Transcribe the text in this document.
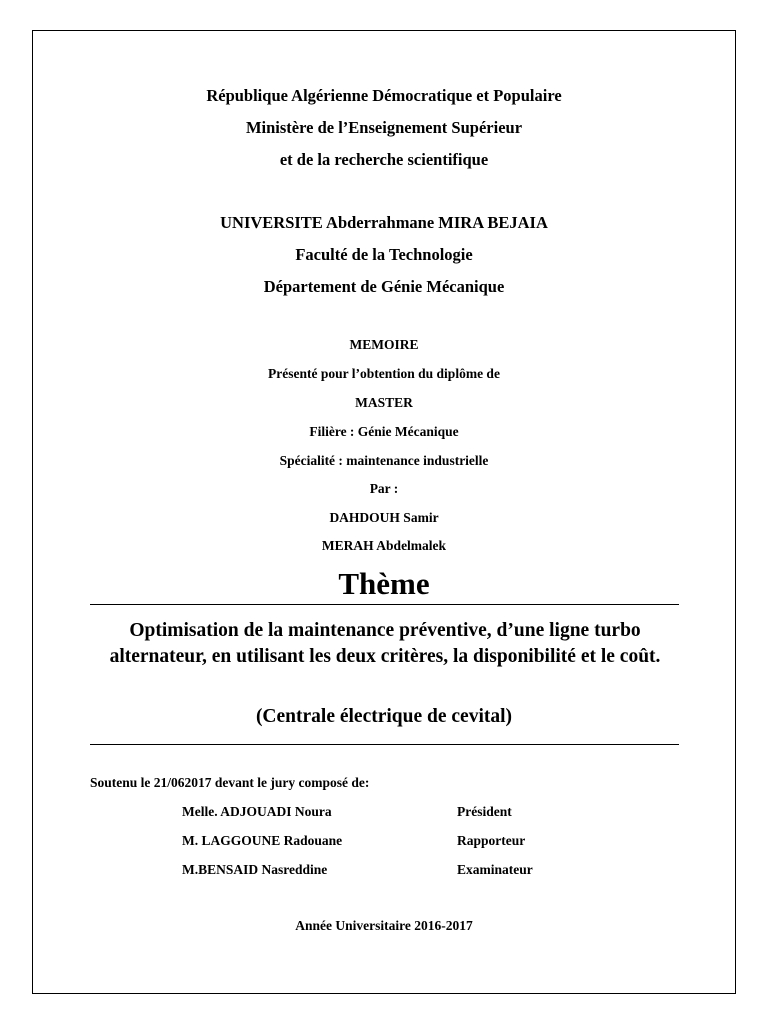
République Algérienne Démocratique et Populaire
Ministère de l’Enseignement Supérieur
et de la recherche scientifique
UNIVERSITE Abderrahmane MIRA BEJAIA
Faculté de la Technologie
Département de Génie Mécanique
MEMOIRE
Présenté pour l’obtention du diplôme de
MASTER
Filière : Génie Mécanique
Spécialité : maintenance industrielle
Par :
DAHDOUH Samir
MERAH Abdelmalek
Thème
Optimisation de la maintenance préventive, d’une ligne turbo alternateur, en utilisant les deux critères, la disponibilité et le coût.
(Centrale électrique de cevital)
Soutenu le 21/062017 devant le jury composé de:
Melle. ADJOUADI Noura	Président
M. LAGGOUNE Radouane	Rapporteur
M.BENSAID Nasreddine	Examinateur
Année Universitaire 2016-2017
